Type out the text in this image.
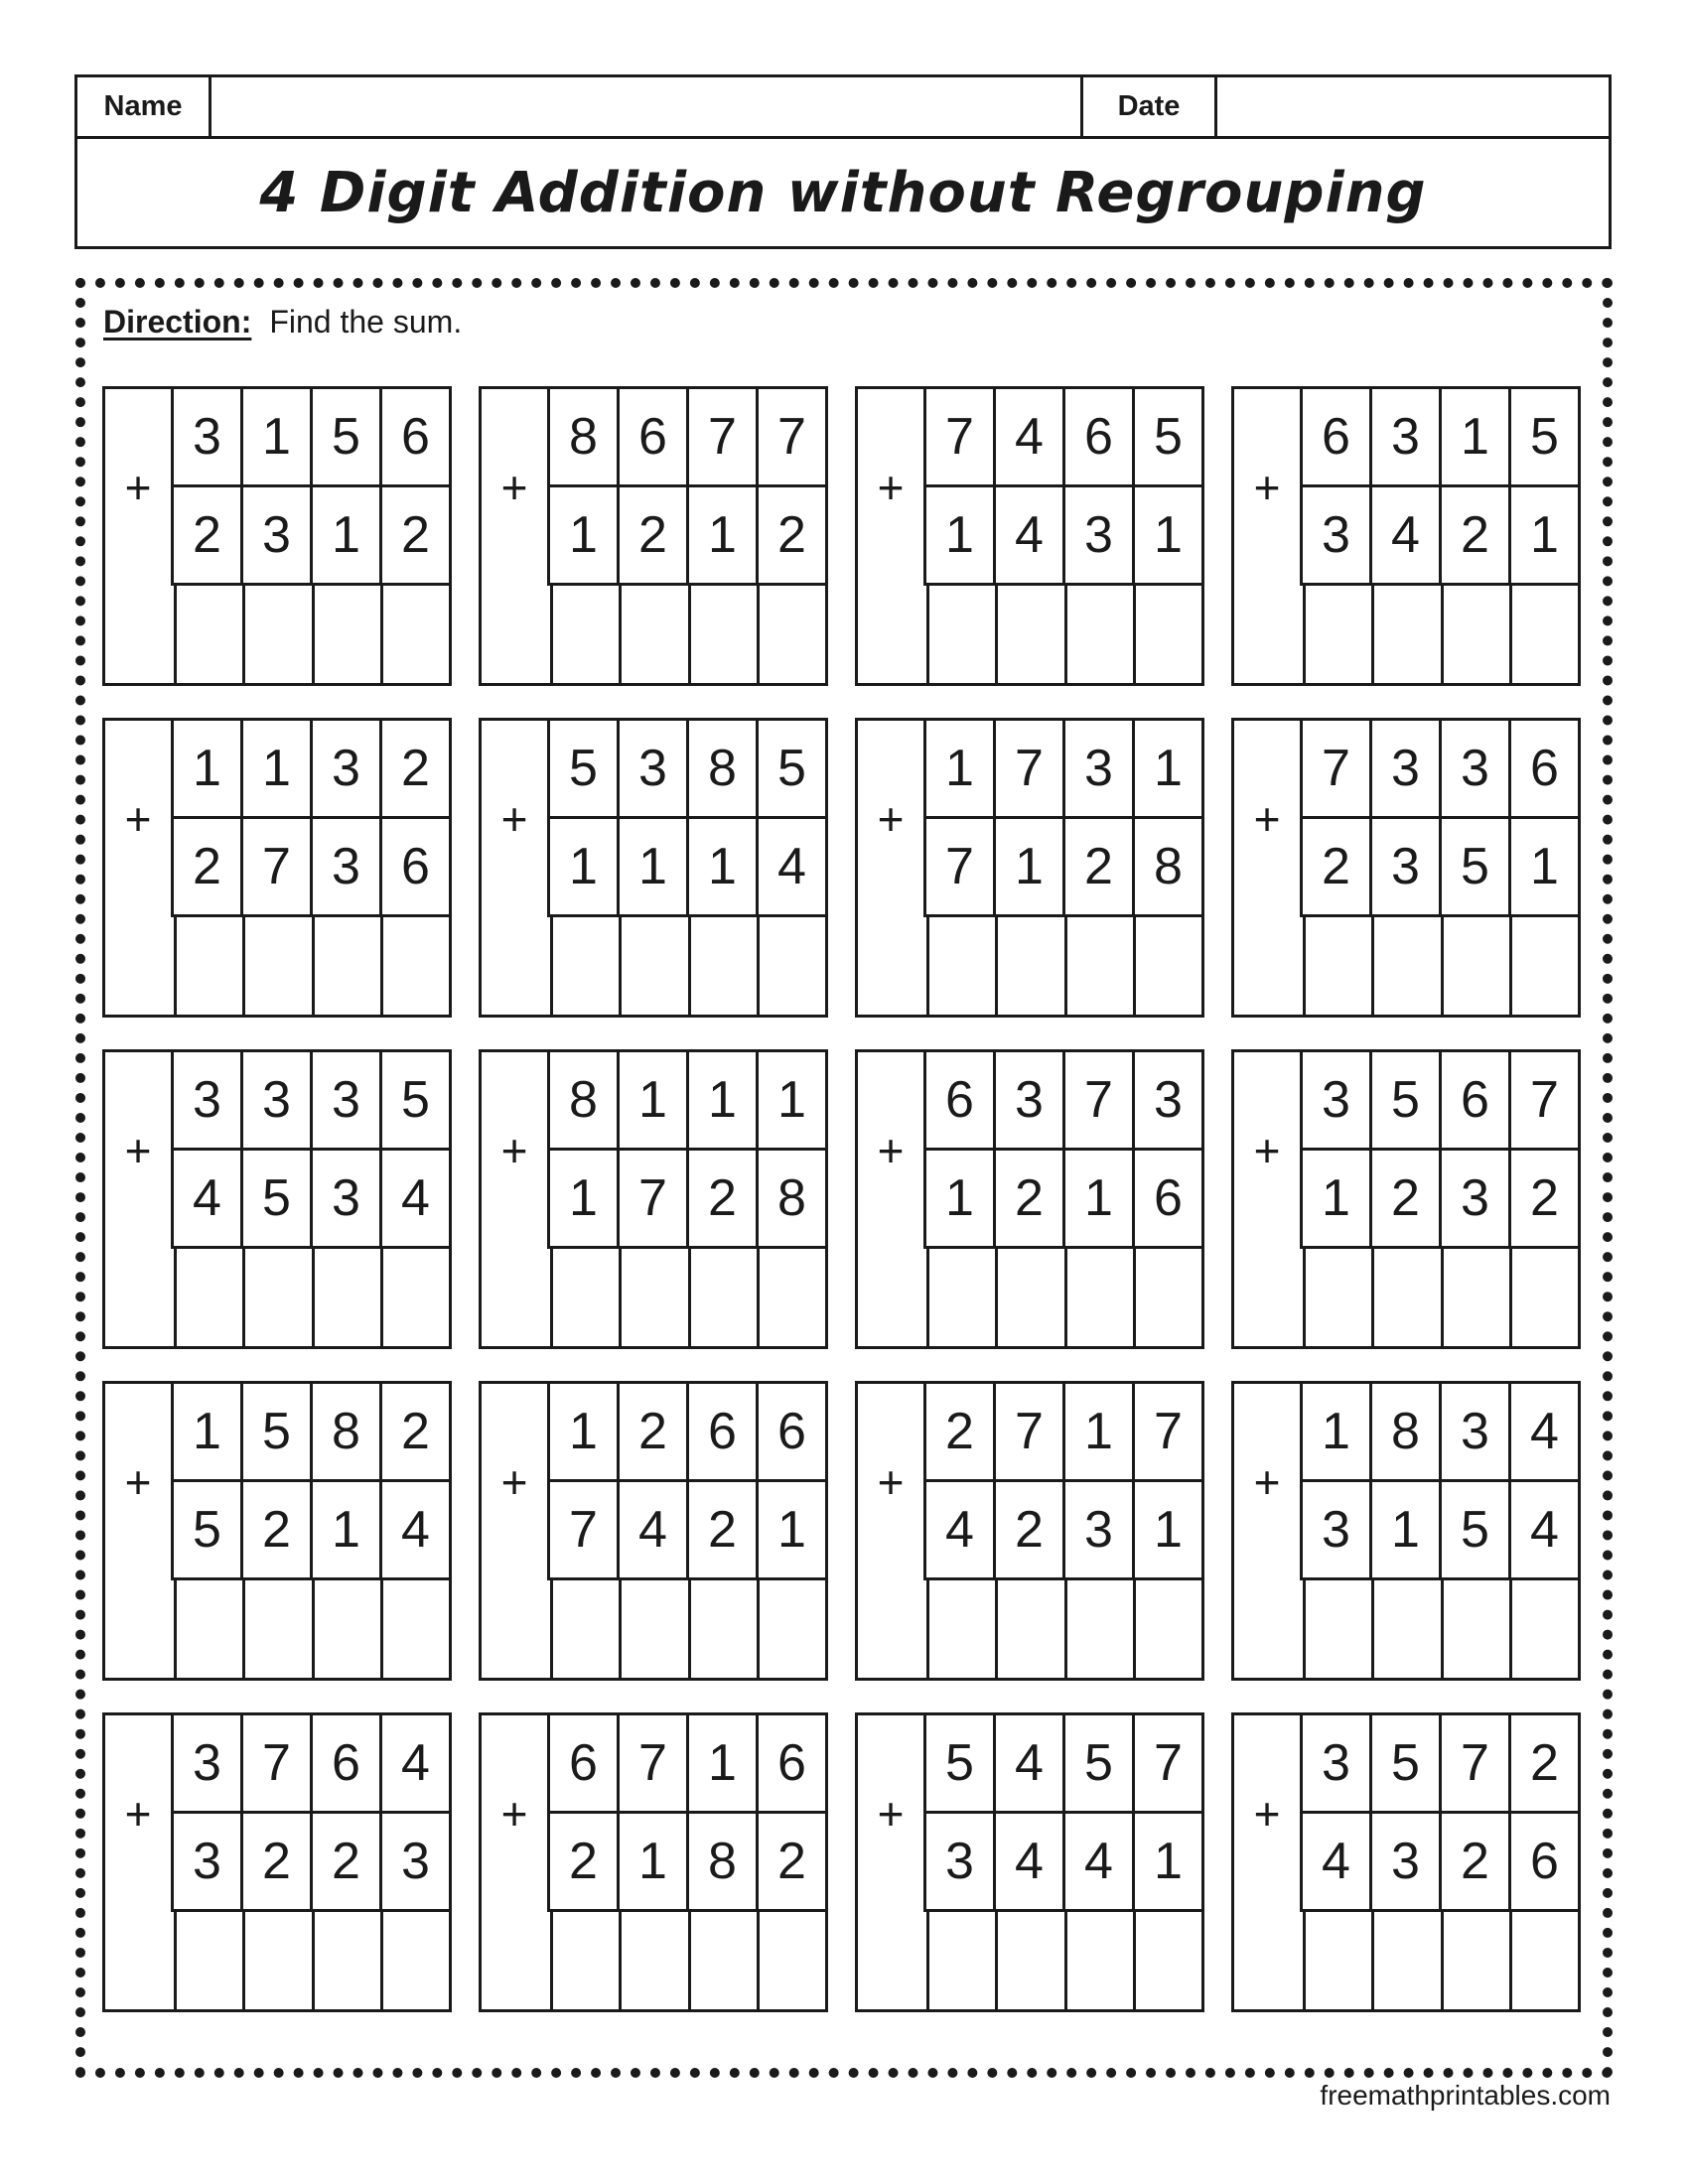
Name	Date
4 Digit Addition without Regrouping
Direction: Find the sum.
+
3 1 5 6
2 3 1 2
+
8 6 7 7
1 2 1 2
+
7 4 6 5
1 4 3 1
+
6 3 1 5
3 4 2 1
+
1 1 3 2
2 7 3 6
+
5 3 8 5
1 1 1 4
+
1 7 3 1
7 1 2 8
+
7 3 3 6
2 3 5 1
+
3 3 3 5
4 5 3 4
+
8 1 1 1
1 7 2 8
+
6 3 7 3
1 2 1 6
+
3 5 6 7
1 2 3 2
+
1 5 8 2
5 2 1 4
+
1 2 6 6
7 4 2 1
+
2 7 1 7
4 2 3 1
+
1 8 3 4
3 1 5 4
+
3 7 6 4
3 2 2 3
+
6 7 1 6
2 1 8 2
+
5 4 5 7
3 4 4 1
+
3 5 7 2
4 3 2 6
freemathprintables.com
